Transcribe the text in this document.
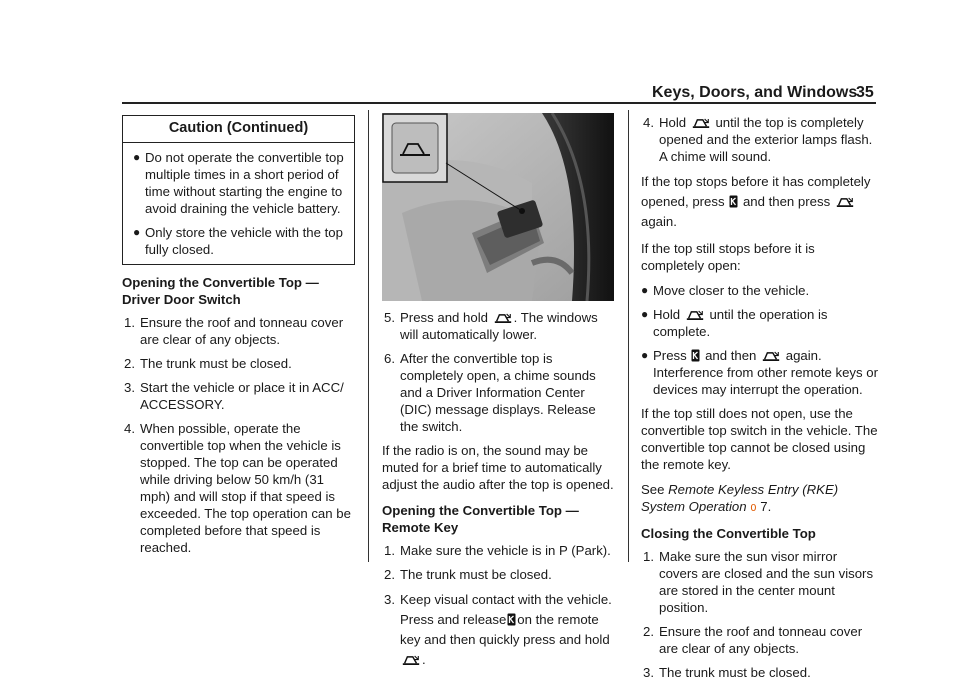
Keys, Doors, and Windows
35
Caution (Continued)
● Do not operate the convertible top multiple times in a short period of time without starting the engine to avoid draining the vehicle battery.
● Only store the vehicle with the top fully closed.
Opening the Convertible Top — Driver Door Switch
1. Ensure the roof and tonneau cover are clear of any objects.
2. The trunk must be closed.
3. Start the vehicle or place it in ACC/ ACCESSORY.
4. When possible, operate the convertible top when the vehicle is stopped. The top can be operated while driving below 50 km/h (31 mph) and will stop if that speed is exceeded. The top operation can be completed before that speed is reached.
5. Press and hold . The windows will automatically lower.
6. After the convertible top is completely open, a chime sounds and a Driver Information Center (DIC) message displays. Release the switch.
If the radio is on, the sound may be muted for a brief time to automatically adjust the audio after the top is opened.
Opening the Convertible Top — Remote Key
1. Make sure the vehicle is in P (Park).
2. The trunk must be closed.
3. Keep visual contact with the vehicle. Press and release on the remote key and then quickly press and hold .
4. Hold until the top is completely opened and the exterior lamps flash. A chime will sound.
If the top stops before it has completely opened, press and then press  again.
If the top still stops before it is completely open:
● Move closer to the vehicle.
● Hold until the operation is complete.
● Press and then again.
Interference from other remote keys or devices may interrupt the operation.
If the top still does not open, use the convertible top switch in the vehicle. The convertible top cannot be closed using the remote key.
See Remote Keyless Entry (RKE) System Operation 0 7.
Closing the Convertible Top
1. Make sure the sun visor mirror covers are closed and the sun visors are stored in the center mount position.
2. Ensure the roof and tonneau cover are clear of any objects.
3. The trunk must be closed.
